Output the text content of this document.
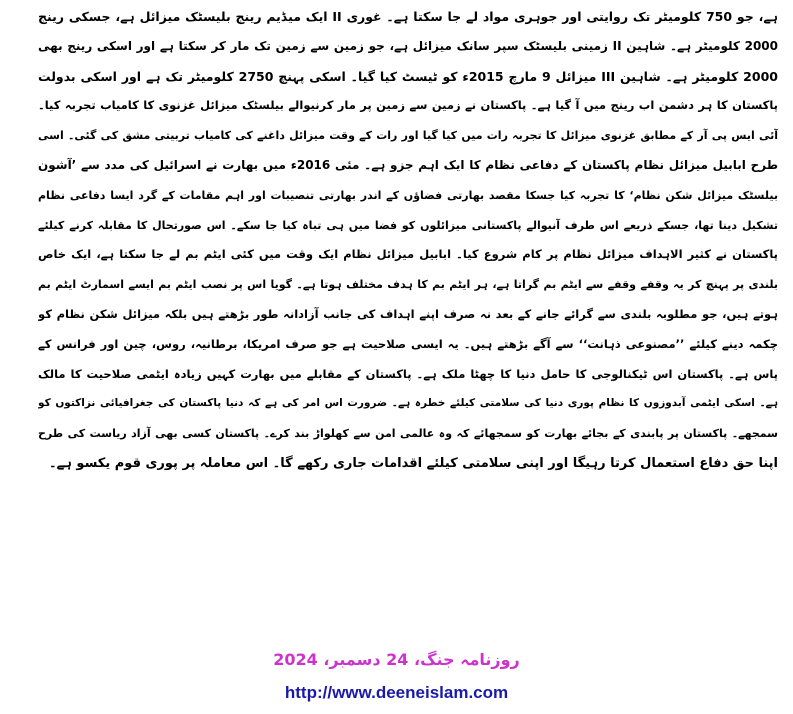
ہے، جو 750 کلومیٹر تک روایتی اور جوہری مواد لے جا سکتا ہے۔ غوری II ایک میڈیم رینج بلیسٹک میزائل ہے، جسکی رینج
2000 کلومیٹر ہے۔ شاہین II زمینی بلیسٹک سپر سانک میزائل ہے، جو زمین سے زمین تک مار کر سکتا ہے اور اسکی رینج بھی
2000 کلومیٹر ہے۔ شاہین III میزائل 9 مارچ 2015ء کو ٹیسٹ کیا گیا۔ اسکی پہنچ 2750 کلومیٹر تک ہے اور اسکی بدولت
پاکستان کا ہر دشمن اب رینج میں آ گیا ہے۔ پاکستان نے زمین سے زمین پر مار کرنیوالے بیلسٹک میزائل غزنوی کا کامیاب تجربہ کیا۔
آئی ایس پی آر کے مطابق غزنوی میزائل کا تجربہ رات میں کیا گیا اور رات کے وقت میزائل داغنے کی کامیاب تربیتی مشق کی گئی۔ اسی
طرح ابابیل میزائل نظام پاکستان کے دفاعی نظام کا ایک اہم جزو ہے۔ مئی 2016ء میں بھارت نے اسرائیل کی مدد سے ’آشون
بیلسٹک میزائل شکن نظام‘ کا تجربہ کیا جسکا مقصد بھارتی فضاؤں کے اندر بھارتی تنصیبات اور اہم مقامات کے گرد ایسا دفاعی نظام
تشکیل دینا تھا، جسکے ذریعے اس طرف آنیوالے پاکستانی میزائلوں کو فضا میں ہی تباہ کیا جا سکے۔ اس صورتحال کا مقابلہ کرنے کیلئے
پاکستان نے کثیر الاہداف میزائل نظام پر کام شروع کیا۔ ابابیل میزائل نظام ایک وقت میں کئی ایٹم بم لے جا سکتا ہے، ایک خاص
بلندی پر پہنچ کر یہ وقفے وقفے سے ایٹم بم گراتا ہے، ہر ایٹم بم کا ہدف مختلف ہوتا ہے۔ گویا اس پر نصب ایٹم بم ایسے اسمارٹ ایٹم بم
ہوتے ہیں، جو مطلوبہ بلندی سے گرائے جانے کے بعد نہ صرف اپنے اہداف کی جانب آزادانہ طور بڑھتے ہیں بلکہ میزائل شکن نظام کو
چکمہ دینے کیلئے ’’مصنوعی ذہانت‘‘ سے آگے بڑھتے ہیں۔ یہ ایسی صلاحیت ہے جو صرف امریکا، برطانیہ، روس، چین اور فرانس کے
پاس ہے۔ پاکستان اس ٹیکنالوجی کا حامل دنیا کا چھٹا ملک ہے۔ پاکستان کے مقابلے میں بھارت کہیں زیادہ ایٹمی صلاحیت کا مالک
ہے۔ اسکی ایٹمی آبدوزوں کا نظام پوری دنیا کی سلامتی کیلئے خطرہ ہے۔ ضرورت اس امر کی ہے کہ دنیا پاکستان کی جغرافیائی نزاکتوں کو
سمجھے۔ پاکستان پر پابندی کے بجائے بھارت کو سمجھائے کہ وہ عالمی امن سے کھلواڑ بند کرے۔ پاکستان کسی بھی آزاد ریاست کی طرح
اپنا حق دفاع استعمال کرتا رہیگا اور اپنی سلامتی کیلئے اقدامات جاری رکھے گا۔ اس معاملہ پر پوری قوم یکسو ہے۔
روزنامہ جنگ، 24 دسمبر، 2024
http://www.deeneislam.com
